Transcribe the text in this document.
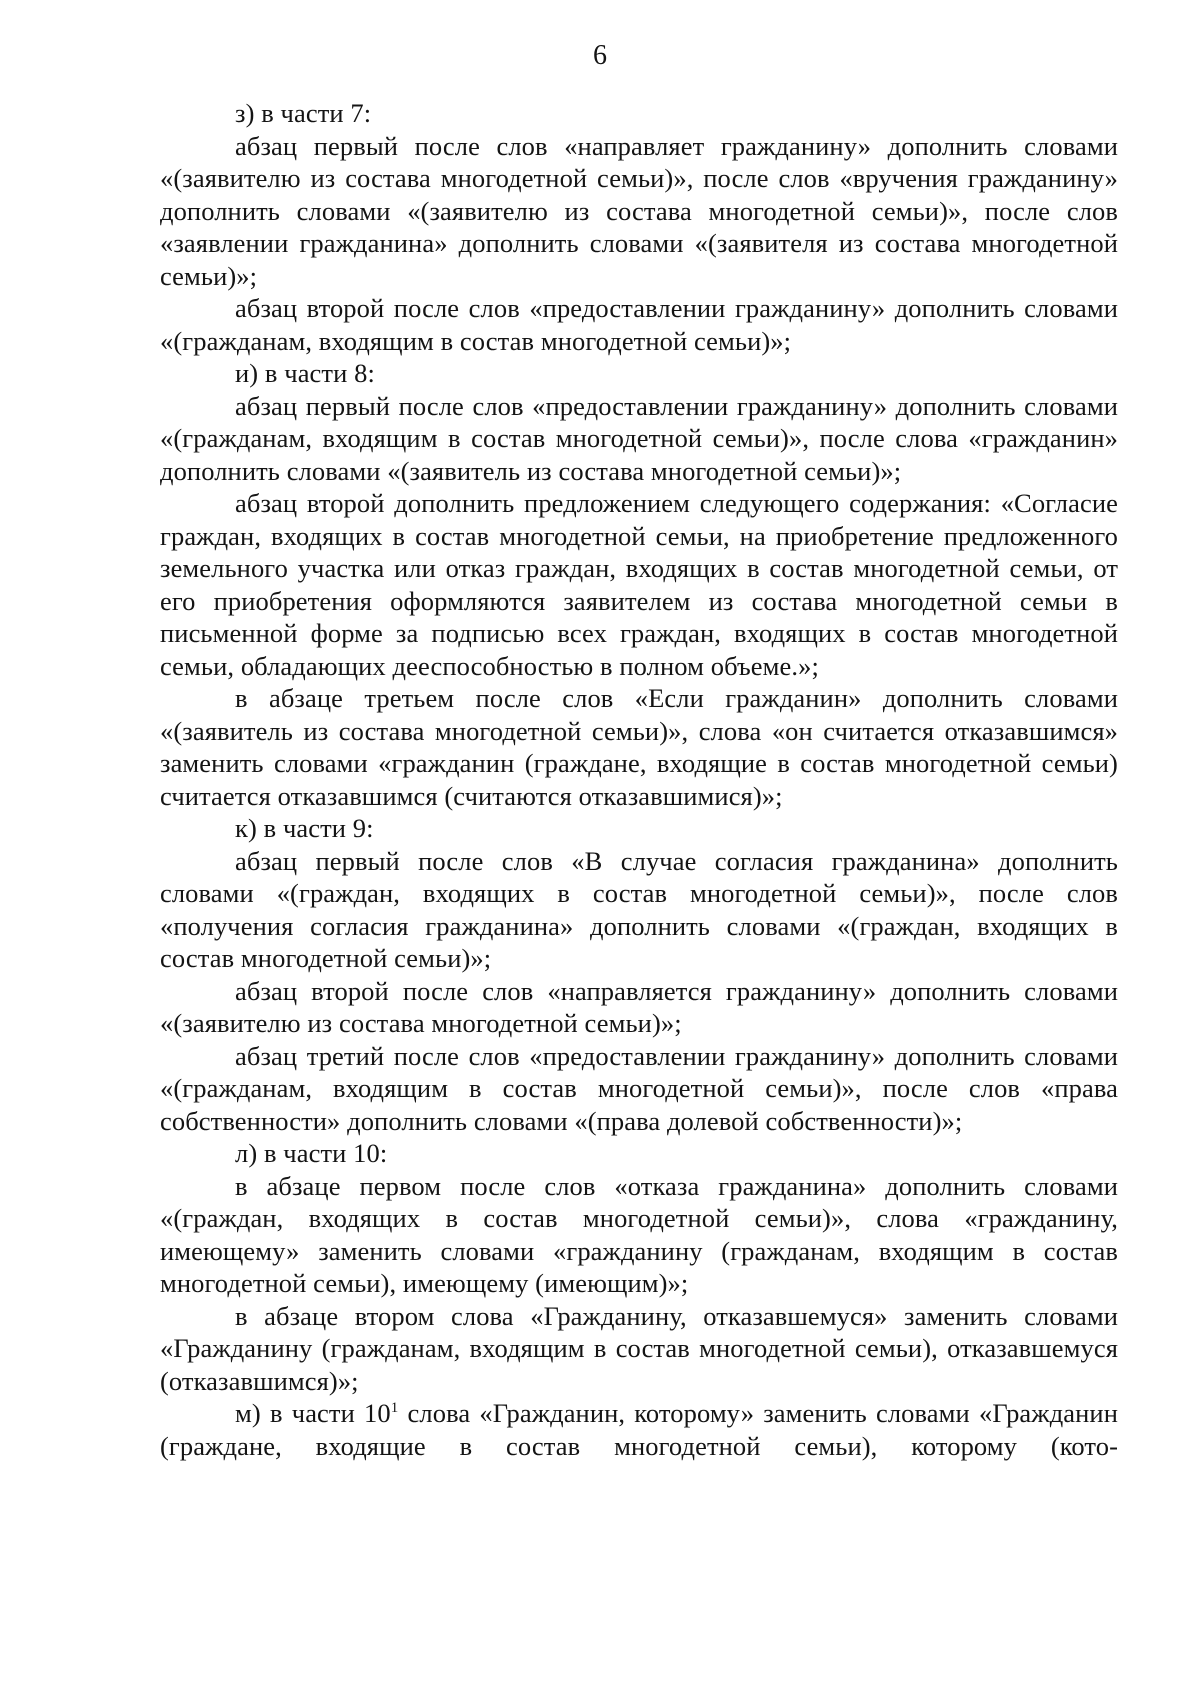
6

з) в части 7:

абзац первый после слов «направляет гражданину» дополнить словами «(заявителю из состава многодетной семьи)», после слов «вручения гражданину» дополнить словами «(заявителю из состава многодетной семьи)», после слов «заявлении гражданина» дополнить словами «(заявителя из состава многодетной семьи)»;

абзац второй после слов «предоставлении гражданину» дополнить словами «(гражданам, входящим в состав многодетной семьи)»;

и) в части 8:

абзац первый после слов «предоставлении гражданину» дополнить словами «(гражданам, входящим в состав многодетной семьи)», после слова «гражданин» дополнить словами «(заявитель из состава многодетной семьи)»;

абзац второй дополнить предложением следующего содержания: «Согласие граждан, входящих в состав многодетной семьи, на приобретение предложенного земельного участка или отказ граждан, входящих в состав многодетной семьи, от его приобретения оформляются заявителем из состава многодетной семьи в письменной форме за подписью всех граждан, входящих в состав многодетной семьи, обладающих дееспособностью в полном объеме.»;

в абзаце третьем после слов «Если гражданин» дополнить словами «(заявитель из состава многодетной семьи)», слова «он считается отказавшимся» заменить словами «гражданин (граждане, входящие в состав многодетной семьи) считается отказавшимся (считаются отказавшимися)»;

к) в части 9:

абзац первый после слов «В случае согласия гражданина» дополнить словами «(граждан, входящих в состав многодетной семьи)», после слов «получения согласия гражданина» дополнить словами «(граждан, входящих в состав многодетной семьи)»;

абзац второй после слов «направляется гражданину» дополнить словами «(заявителю из состава многодетной семьи)»;

абзац третий после слов «предоставлении гражданину» дополнить словами «(гражданам, входящим в состав многодетной семьи)», после слов «права собственности» дополнить словами «(права долевой собственности)»;

л) в части 10:

в абзаце первом после слов «отказа гражданина» дополнить словами «(граждан, входящих в состав многодетной семьи)», слова «гражданину, имеющему» заменить словами «гражданину (гражданам, входящим в состав многодетной семьи), имеющему (имеющим)»;

в абзаце втором слова «Гражданину, отказавшемуся» заменить словами «Гражданину (гражданам, входящим в состав многодетной семьи), отказавшемуся (отказавшимся)»;

м) в части $10^1$ слова «Гражданин, которому» заменить словами «Гражданин (граждане, входящие в состав многодетной семьи), которому (кото-
